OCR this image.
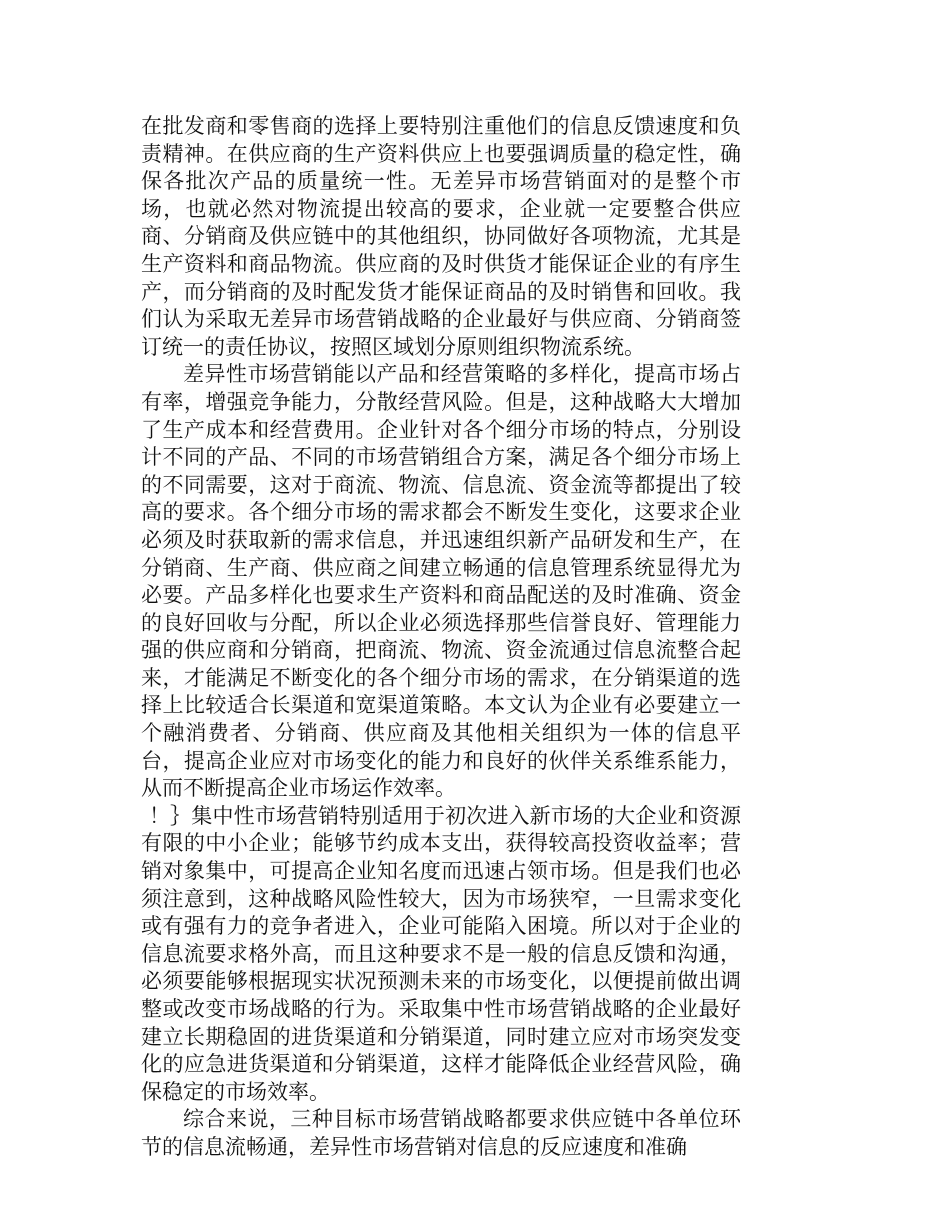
在批发商和零售商的选择上要特别注重他们的信息反馈速度和负责精神。在供应商的生产资料供应上也要强调质量的稳定性，确保各批次产品的质量统一性。无差异市场营销面对的是整个市场，也就必然对物流提出较高的要求，企业就一定要整合供应商、分销商及供应链中的其他组织，协同做好各项物流，尤其是生产资料和商品物流。供应商的及时供货才能保证企业的有序生产，而分销商的及时配发货才能保证商品的及时销售和回收。我们认为采取无差异市场营销战略的企业最好与供应商、分销商签订统一的责任协议，按照区域划分原则组织物流系统。

差异性市场营销能以产品和经营策略的多样化，提高市场占有率，增强竞争能力，分散经营风险。但是，这种战略大大增加了生产成本和经营费用。企业针对各个细分市场的特点，分别设计不同的产品、不同的市场营销组合方案，满足各个细分市场上的不同需要，这对于商流、物流、信息流、资金流等都提出了较高的要求。各个细分市场的需求都会不断发生变化，这要求企业必须及时获取新的需求信息，并迅速组织新产品研发和生产，在分销商、生产商、供应商之间建立畅通的信息管理系统显得尤为必要。产品多样化也要求生产资料和商品配送的及时准确、资金的良好回收与分配，所以企业必须选择那些信誉良好、管理能力强的供应商和分销商，把商流、物流、资金流通过信息流整合起来，才能满足不断变化的各个细分市场的需求，在分销渠道的选择上比较适合长渠道和宽渠道策略。本文认为企业有必要建立一个融消费者、分销商、供应商及其他相关组织为一体的信息平台，提高企业应对市场变化的能力和良好的伙伴关系维系能力，从而不断提高企业市场运作效率。

！｝集中性市场营销特别适用于初次进入新市场的大企业和资源有限的中小企业；能够节约成本支出，获得较高投资收益率；营销对象集中，可提高企业知名度而迅速占领市场。但是我们也必须注意到，这种战略风险性较大，因为市场狭窄，一旦需求变化或有强有力的竞争者进入，企业可能陷入困境。所以对于企业的信息流要求格外高，而且这种要求不是一般的信息反馈和沟通，必须要能够根据现实状况预测未来的市场变化，以便提前做出调整或改变市场战略的行为。采取集中性市场营销战略的企业最好建立长期稳固的进货渠道和分销渠道，同时建立应对市场突发变化的应急进货渠道和分销渠道，这样才能降低企业经营风险，确保稳定的市场效率。

综合来说，三种目标市场营销战略都要求供应链中各单位环节的信息流畅通，差异性市场营销对信息的反应速度和准确
